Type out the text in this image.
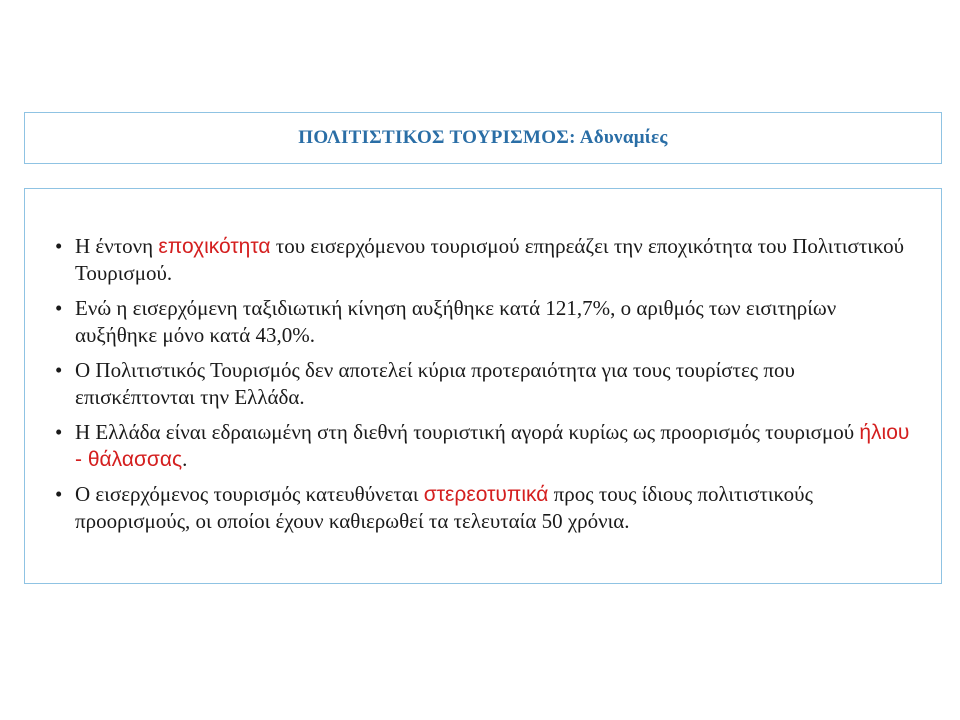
ΠΟΛΙΤΙΣΤΙΚΟΣ ΤΟΥΡΙΣΜΟΣ: Αδυναμίες
• Η έντονη εποχικότητα του εισερχόμενου τουρισμού επηρεάζει την εποχικότητα του Πολιτιστικού Τουρισμού.
• Ενώ η εισερχόμενη ταξιδιωτική κίνηση αυξήθηκε κατά 121,7%, ο αριθμός των εισιτηρίων αυξήθηκε μόνο κατά 43,0%.
• Ο Πολιτιστικός Τουρισμός δεν αποτελεί κύρια προτεραιότητα για τους τουρίστες που επισκέπτονται την Ελλάδα.
• Η Ελλάδα είναι εδραιωμένη στη διεθνή τουριστική αγορά κυρίως ως προορισμός τουρισμού ήλιου - θάλασσας.
• Ο εισερχόμενος τουρισμός κατευθύνεται στερεοτυπικά προς τους ίδιους πολιτιστικούς προορισμούς, οι οποίοι έχουν καθιερωθεί τα τελευταία 50 χρόνια.
